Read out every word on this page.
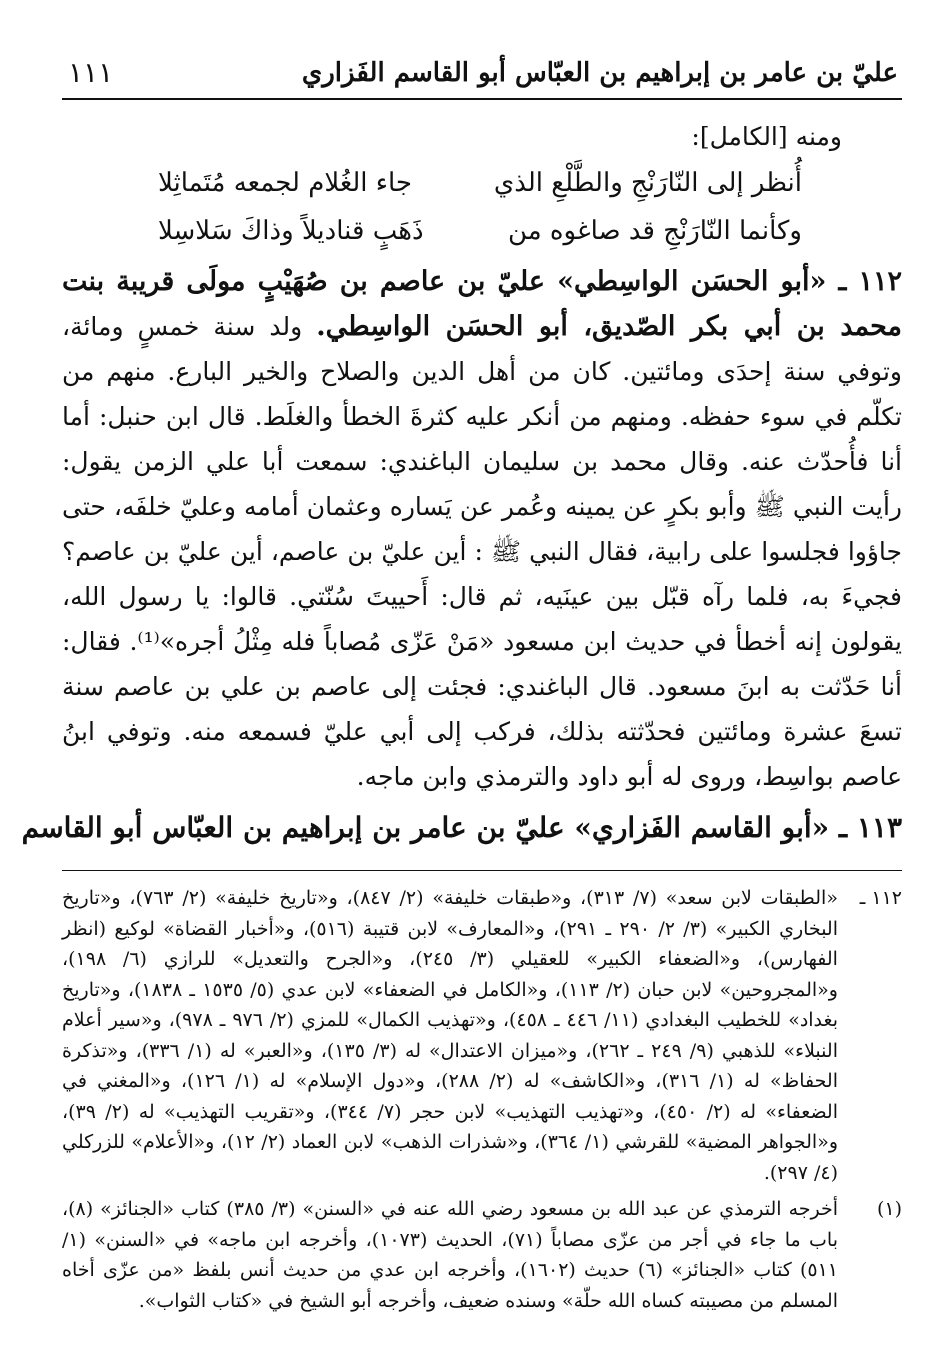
عليّ بن عامر بن إبراهيم بن العبّاس أبو القاسم الفَزاري
١١١
ومنه [الكامل]:
أُنظر إلى النّارَنْجِ والطَّلْعِ الذي
جاء الغُلام لجمعه مُتَماثِلا
وكأنما النّارَنْجِ قد صاغوه من
ذَهَبٍ قناديلاً وذاكَ سَلاسِلا
١١٢ ـ «أبو الحسَن الواسِطي» عليّ بن عاصم بن صُهَيْبٍ مولَى قريبة بنت محمد بن أبي بكر الصّديق، أبو الحسَن الواسِطي. ولد سنة خمسٍ ومائة، وتوفي سنة إحدَى ومائتين. كان من أهل الدين والصلاح والخير البارع. منهم من تكلّم في سوء حفظه. ومنهم من أنكر عليه كثرةَ الخطأ والغلَط. قال ابن حنبل: أما أنا فأُحدّث عنه. وقال محمد بن سليمان الباغندي: سمعت أبا علي الزمن يقول: رأيت النبي ﷺ وأبو بكرٍ عن يمينه وعُمر عن يَساره وعثمان أمامه وعليّ خلفَه، حتى جاؤوا فجلسوا على رابية، فقال النبي ﷺ : أين عليّ بن عاصم، أين عليّ بن عاصم؟ فجيءَ به، فلما رآه قبّل بين عينَيه، ثم قال: أَحييتَ سُنّتي. قالوا: يا رسول الله، يقولون إنه أخطأ في حديث ابن مسعود «مَنْ عَزّى مُصاباً فله مِثْلُ أجره»⁽¹⁾. فقال: أنا حَدّثت به ابنَ مسعود. قال الباغندي: فجئت إلى عاصم بن علي بن عاصم سنة تسعَ عشرة ومائتين فحدّثته بذلك، فركب إلى أبي عليّ فسمعه منه. وتوفي ابنُ عاصم بواسِط، وروى له أبو داود والترمذي وابن ماجه.
١١٣ ـ «أبو القاسم الفَزاري» عليّ بن عامر بن إبراهيم بن العبّاس أبو القاسم
١١٢ ـ
«الطبقات لابن سعد» (٧/ ٣١٣)، و«طبقات خليفة» (٢/ ٨٤٧)، و«تاريخ خليفة» (٢/ ٧٦٣)، و«تاريخ البخاري الكبير» (٣/ ٢/ ٢٩٠ ـ ٢٩١)، و«المعارف» لابن قتيبة (٥١٦)، و«أخبار القضاة» لوكيع (انظر الفهارس)، و«الضعفاء الكبير» للعقيلي (٣/ ٢٤٥)، و«الجرح والتعديل» للرازي (٦/ ١٩٨)، و«المجروحين» لابن حبان (٢/ ١١٣)، و«الكامل في الضعفاء» لابن عدي (٥/ ١٥٣٥ ـ ١٨٣٨)، و«تاريخ بغداد» للخطيب البغدادي (١١/ ٤٤٦ ـ ٤٥٨)، و«تهذيب الكمال» للمزي (٢/ ٩٧٦ ـ ٩٧٨)، و«سير أعلام النبلاء» للذهبي (٩/ ٢٤٩ ـ ٢٦٢)، و«ميزان الاعتدال» له (٣/ ١٣٥)، و«العبر» له (١/ ٣٣٦)، و«تذكرة الحفاظ» له (١/ ٣١٦)، و«الكاشف» له (٢/ ٢٨٨)، و«دول الإسلام» له (١/ ١٢٦)، و«المغني في الضعفاء» له (٢/ ٤٥٠)، و«تهذيب التهذيب» لابن حجر (٧/ ٣٤٤)، و«تقريب التهذيب» له (٢/ ٣٩)، و«الجواهر المضية» للقرشي (١/ ٣٦٤)، و«شذرات الذهب» لابن العماد (٢/ ١٢)، و«الأعلام» للزركلي (٤/ ٢٩٧).
(١)
أخرجه الترمذي عن عبد الله بن مسعود رضي الله عنه في «السنن» (٣/ ٣٨٥) كتاب «الجنائز» (٨)، باب ما جاء في أجر من عزّى مصاباً (٧١)، الحديث (١٠٧٣)، وأخرجه ابن ماجه» في «السنن» (١/ ٥١١) كتاب «الجنائز» (٦) حديث (١٦٠٢)، وأخرجه ابن عدي من حديث أنس بلفظ «من عزّى أخاه المسلم من مصيبته كساه الله حلّة» وسنده ضعيف، وأخرجه أبو الشيخ في «كتاب الثواب».
